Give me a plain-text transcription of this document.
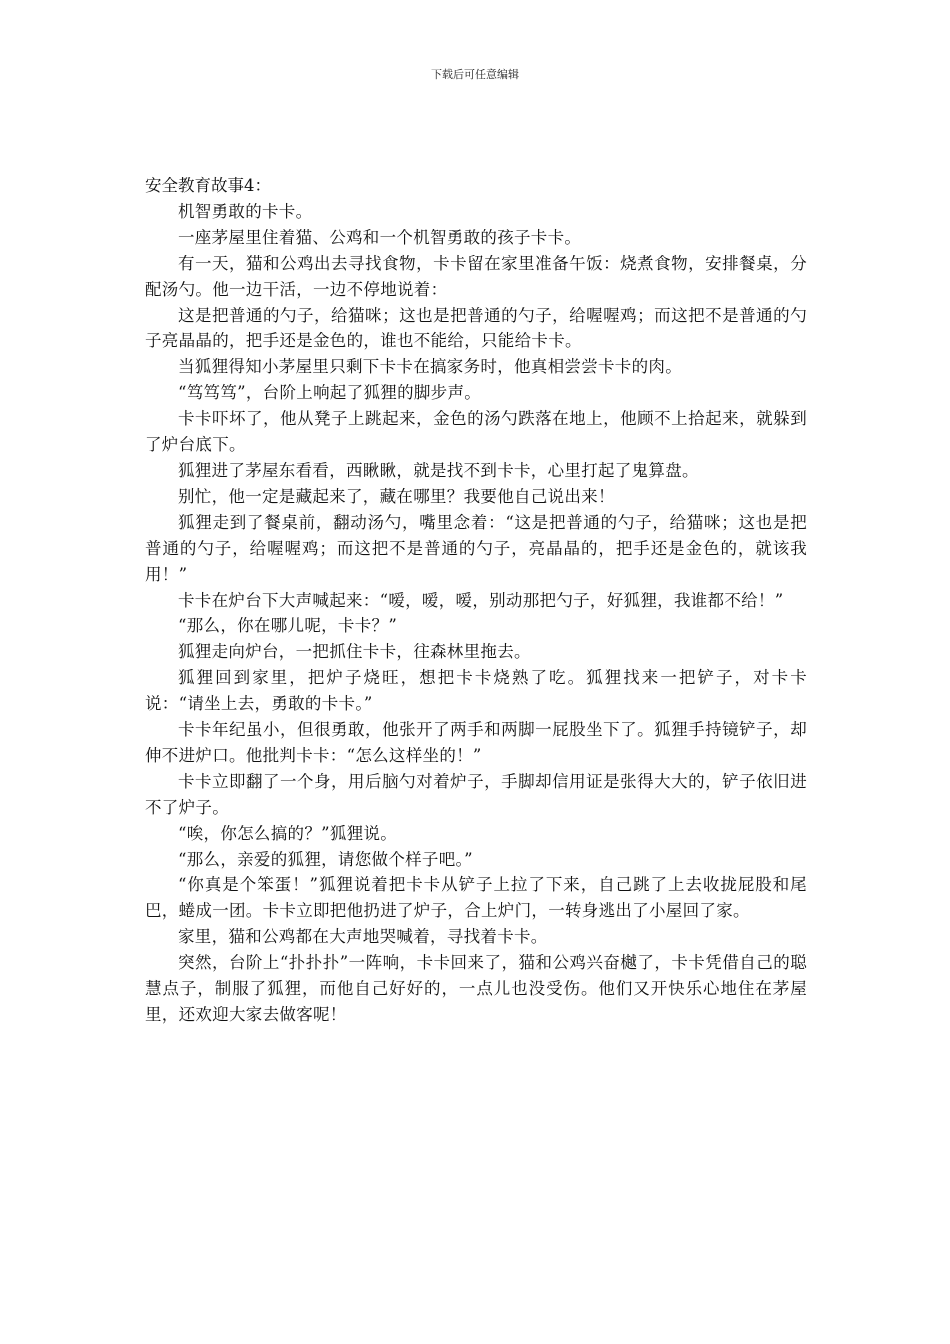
下载后可任意编辑

安全教育故事4：

机智勇敢的卡卡。

一座茅屋里住着猫、公鸡和一个机智勇敢的孩子卡卡。

有一天，猫和公鸡出去寻找食物，卡卡留在家里准备午饭：烧煮食物，安排餐桌，分配汤勺。他一边干活，一边不停地说着：

这是把普通的勺子，给猫咪；这也是把普通的勺子，给喔喔鸡；而这把不是普通的勺子亮晶晶的，把手还是金色的，谁也不能给，只能给卡卡。

当狐狸得知小茅屋里只剩下卡卡在搞家务时，他真相尝尝卡卡的肉。

“笃笃笃”，台阶上响起了狐狸的脚步声。

卡卡吓坏了，他从凳子上跳起来，金色的汤勺跌落在地上，他顾不上拾起来，就躲到了炉台底下。

狐狸进了茅屋东看看，西瞅瞅，就是找不到卡卡，心里打起了鬼算盘。

别忙，他一定是藏起来了，藏在哪里？我要他自己说出来！

狐狸走到了餐桌前，翻动汤勺，嘴里念着：“这是把普通的勺子，给猫咪；这也是把普通的勺子，给喔喔鸡；而这把不是普通的勺子，亮晶晶的，把手还是金色的，就该我用！”

卡卡在炉台下大声喊起来：“嗳，嗳，嗳，别动那把勺子，好狐狸，我谁都不给！”

“那么，你在哪儿呢，卡卡？”

狐狸走向炉台，一把抓住卡卡，往森林里拖去。

狐狸回到家里，把炉子烧旺，想把卡卡烧熟了吃。狐狸找来一把铲子，对卡卡说：“请坐上去，勇敢的卡卡。”

卡卡年纪虽小，但很勇敢，他张开了两手和两脚一屁股坐下了。狐狸手持镜铲子，却伸不进炉口。他批判卡卡：“怎么这样坐的！”

卡卡立即翻了一个身，用后脑勺对着炉子，手脚却信用证是张得大大的，铲子依旧进不了炉子。

“唉，你怎么搞的？”狐狸说。

“那么，亲爱的狐狸，请您做个样子吧。”

“你真是个笨蛋！”狐狸说着把卡卡从铲子上拉了下来，自己跳了上去收拢屁股和尾巴，蜷成一团。卡卡立即把他扔进了炉子，合上炉门，一转身逃出了小屋回了家。

家里，猫和公鸡都在大声地哭喊着，寻找着卡卡。

突然，台阶上“扑扑扑”一阵响，卡卡回来了，猫和公鸡兴奋樾了，卡卡凭借自己的聪慧点子，制服了狐狸，而他自己好好的，一点儿也没受伤。他们又开快乐心地住在茅屋里，还欢迎大家去做客呢！
